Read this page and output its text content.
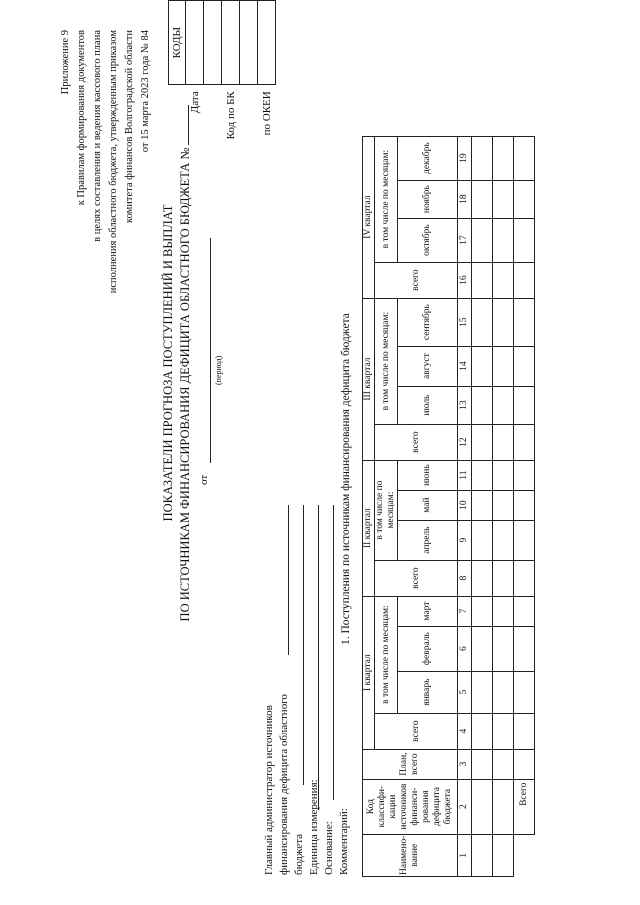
Приложение 9 к Правилам формирования документов в целях составления и ведения кассового плана исполнения областного бюджета, утвержденным приказом комитета финансов Волгоградской области от 15 марта 2023 года № 84
ПОКАЗАТЕЛИ ПРОГНОЗА ПОСТУПЛЕНИЙ И ВЫПЛАТ ПО ИСТОЧНИКАМ ФИНАНСИРОВАНИЯ ДЕФИЦИТА ОБЛАСТНОГО БЮДЖЕТА № от
(период)
	КОДЫ
Дата	

Код по БК	

по ОКЕИ	
Главный администратор источников финансирования дефицита областного бюджета Единица измерения: Основание: Комментарий:
1. Поступления по источникам финансирования дефицита бюджета
Наимено-вание	Код классифи-кации источников финанси-рования дефицита бюджета	План, всего	I квартал				II квартал				III квартал				IV квартал			
			всего	в том числе по месяцам:			всего	в том числе по месяцам:			всего	в том числе по месяцам:			всего	в том числе по месяцам:		
				январь	февраль	март		апрель	май	июнь		июль	август	сентябрь		октябрь	ноябрь	декабрь
1	2	3	4	5	6	7	8	9	10	11	12	13	14	15	16	17	18	19

	Всего																	
